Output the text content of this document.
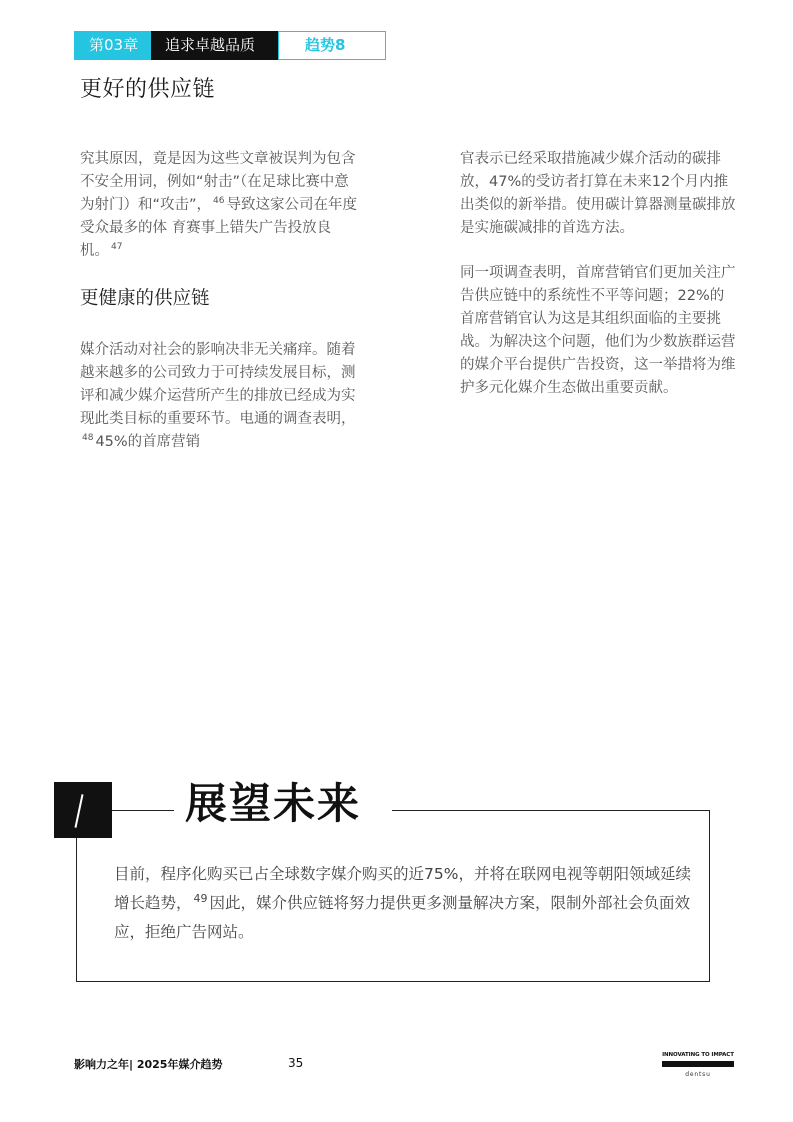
第03章	追求卓越品质	趋势8
更好的供应链

究其原因，竟是因为这些文章被误判为包含不安全用词，例如“射击”（在足球比赛中意为射门）和“攻击”， $^{46}$ 导致这家公司在年度受众最多的体 育赛事上错失广告投放良机。 $^{47}$

更健康的供应链

媒介活动对社会的影响决非无关痛痒。随着越来越多的公司致力于可持续发展目标，测评和减少媒介运营所产生的排放已经成为实现此类目标的重要环节。电通的调查表明，$^{48}$ 45%的首席营销

官表示已经采取措施减少媒介活动的碳排放，47%的受访者打算在未来12个月内推出类似的新举措。使用碳计算器测量碳排放是实施碳减排的首选方法。

同一项调查表明，首席营销官们更加关注广告供应链中的系统性不平等问题；22%的首席营销官认为这是其组织面临的主要挑战。为解决这个问题，他们为少数族群运营的媒介平台提供广告投资，这一举措将为维护多元化媒介生态做出重要贡献。

展望未来

目前，程序化购买已占全球数字媒介购买的近75%，并将在联网电视等朝阳领域延续增长趋势， $^{49}$ 因此，媒介供应链将努力提供更多测量解决方案，限制外部社会负面效应，拒绝广告网站。

影响力之年| 2025年媒介趋势	35
INNOVATING TO IMPACT
dentsu
